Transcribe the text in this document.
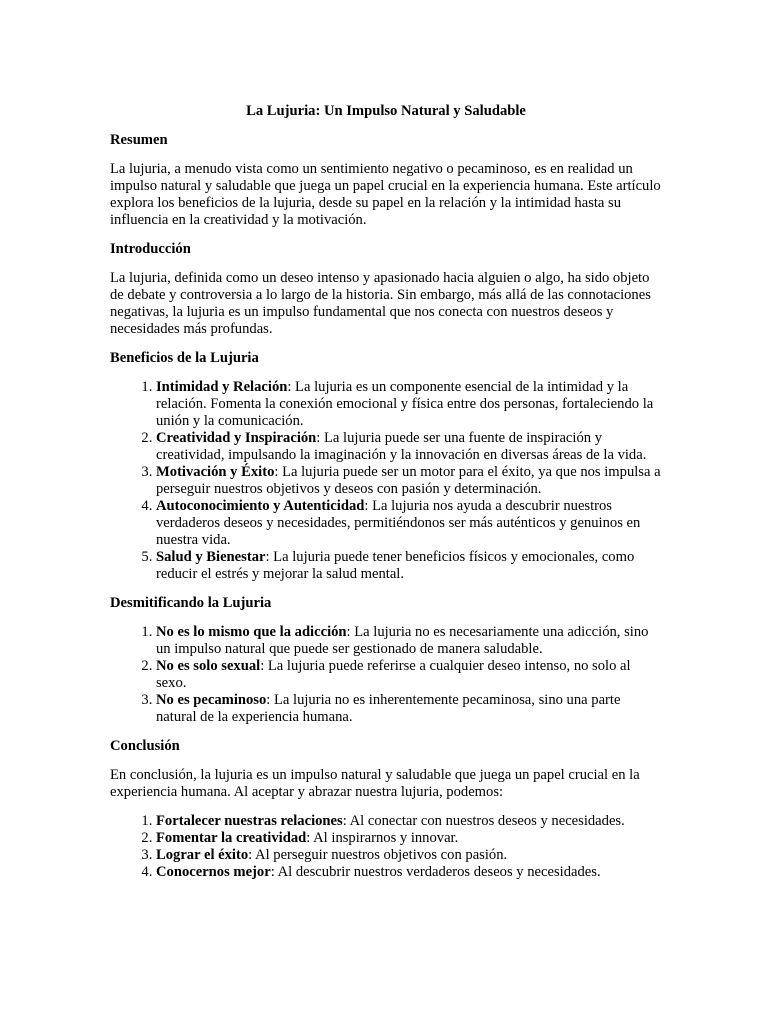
La Lujuria: Un Impulso Natural y Saludable

Resumen

La lujuria, a menudo vista como un sentimiento negativo o pecaminoso, es en realidad un impulso natural y saludable que juega un papel crucial en la experiencia humana. Este artículo explora los beneficios de la lujuria, desde su papel en la relación y la intimidad hasta su influencia en la creatividad y la motivación.

Introducción

La lujuria, definida como un deseo intenso y apasionado hacia alguien o algo, ha sido objeto de debate y controversia a lo largo de la historia. Sin embargo, más allá de las connotaciones negativas, la lujuria es un impulso fundamental que nos conecta con nuestros deseos y necesidades más profundas.

Beneficios de la Lujuria

1. Intimidad y Relación: La lujuria es un componente esencial de la intimidad y la relación. Fomenta la conexión emocional y física entre dos personas, fortaleciendo la unión y la comunicación.
2. Creatividad y Inspiración: La lujuria puede ser una fuente de inspiración y creatividad, impulsando la imaginación y la innovación en diversas áreas de la vida.
3. Motivación y Éxito: La lujuria puede ser un motor para el éxito, ya que nos impulsa a perseguir nuestros objetivos y deseos con pasión y determinación.
4. Autoconocimiento y Autenticidad: La lujuria nos ayuda a descubrir nuestros verdaderos deseos y necesidades, permitiéndonos ser más auténticos y genuinos en nuestra vida.
5. Salud y Bienestar: La lujuria puede tener beneficios físicos y emocionales, como reducir el estrés y mejorar la salud mental.

Desmitificando la Lujuria

1. No es lo mismo que la adicción: La lujuria no es necesariamente una adicción, sino un impulso natural que puede ser gestionado de manera saludable.
2. No es solo sexual: La lujuria puede referirse a cualquier deseo intenso, no solo al sexo.
3. No es pecaminoso: La lujuria no es inherentemente pecaminosa, sino una parte natural de la experiencia humana.

Conclusión

En conclusión, la lujuria es un impulso natural y saludable que juega un papel crucial en la experiencia humana. Al aceptar y abrazar nuestra lujuria, podemos:

1. Fortalecer nuestras relaciones: Al conectar con nuestros deseos y necesidades.
2. Fomentar la creatividad: Al inspirarnos y innovar.
3. Lograr el éxito: Al perseguir nuestros objetivos con pasión.
4. Conocernos mejor: Al descubrir nuestros verdaderos deseos y necesidades.
